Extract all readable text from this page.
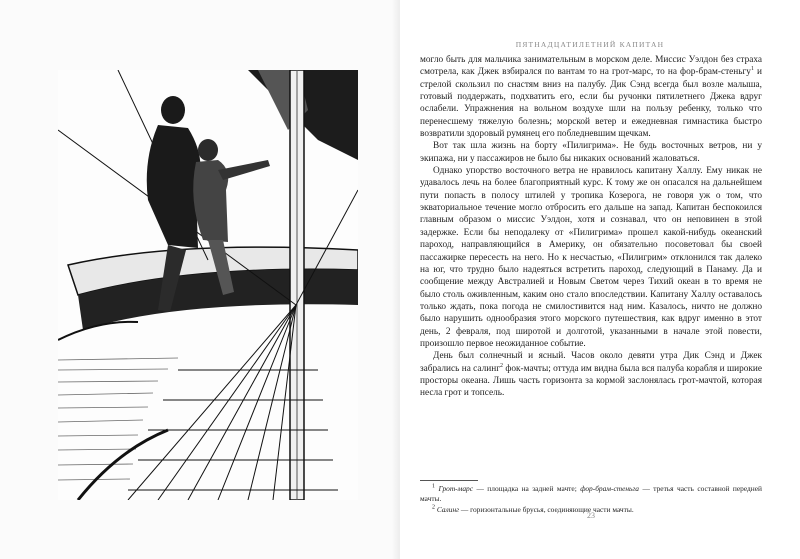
ПЯТНАДЦАТИЛЕТНИЙ КАПИТАН

могло быть для мальчика занимательным в морском деле. Миссис Уэлдон без страха смотрела, как Джек взбирался по вантам то на грот-марс, то на фор-брам-стеньгу$^1$ и стрелой скользил по снастям вниз на палубу. Дик Сэнд всегда был возле малыша, готовый поддержать, подхватить его, если бы ручонки пятилетнего Джека вдруг ослабели. Упражнения на вольном воздухе шли на пользу ребенку, только что перенесшему тяжелую болезнь; морской ветер и ежедневная гимнастика быстро возвратили здоровый румянец его побледневшим щечкам.

Вот так шла жизнь на борту «Пилигрима». Не будь восточных ветров, ни у экипажа, ни у пассажиров не было бы никаких оснований жаловаться.

Однако упорство восточного ветра не нравилось капитану Халлу. Ему никак не удавалось лечь на более благоприятный курс. К тому же он опасался на дальнейшем пути попасть в полосу штилей у тропика Козерога, не говоря уж о том, что экваториальное течение могло отбросить его дальше на запад. Капитан беспокоился главным образом о миссис Уэлдон, хотя и сознавал, что он неповинен в этой задержке. Если бы неподалеку от «Пилигрима» прошел какой-нибудь океанский пароход, направляющийся в Америку, он обязательно посоветовал бы своей пассажирке пересесть на него. Но к несчастью, «Пилигрим» отклонился так далеко на юг, что трудно было надеяться встретить пароход, следующий в Панаму. Да и сообщение между Австралией и Новым Светом через Тихий океан в то время не было столь оживленным, каким оно стало впоследствии. Капитану Халлу оставалось только ждать, пока погода не смилостивится над ним. Казалось, ничто не должно было нарушить однообразия этого морского путешествия, как вдруг именно в этот день, 2 февраля, под широтой и долготой, указанными в начале этой повести, произошло первое неожиданное событие.

День был солнечный и ясный. Часов около девяти утра Дик Сэнд и Джек забрались на салинг$^2$ фок-мачты; оттуда им видна была вся палуба корабля и широкие просторы океана. Лишь часть горизонта за кормой заслонялась грот-мачтой, которая несла грот и топсель.

$^1$ Грот-марс — площадка на задней мачте; фор-брам-стеньга — третья часть составной передней мачты.

$^2$ Салинг — горизонтальные брусья, соединяющие части мачты.

23
